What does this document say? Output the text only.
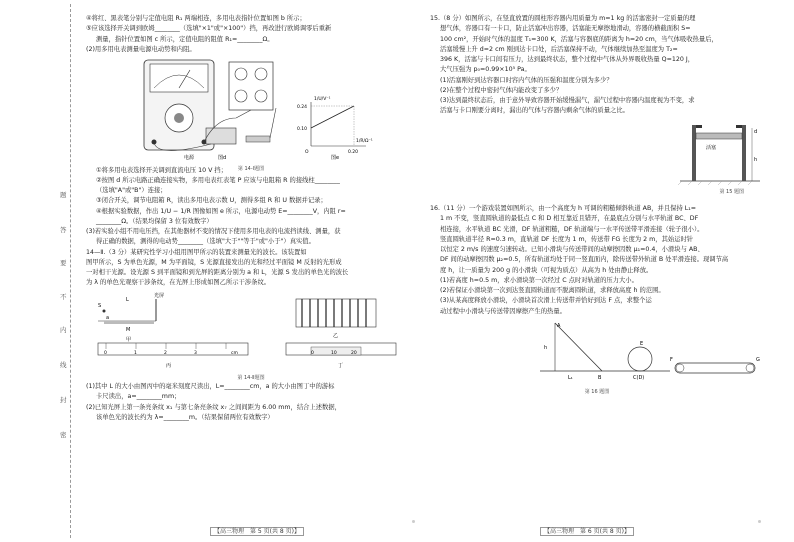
题
答
要
不
内
线
封
密

④将红、黑表笔分别与定值电阻 R₁ 两端相连，多用电表指针位置如图 b 所示；

⑤应该选择开关调到欧姆________（选填"×1"或"×100"）挡，再改进行欧姆调零后重新

测量，指针位置如图 c 所示，定值电阻的阻值 R₁=________Ω。

(2)用多用电表测量电源电动势和内阻。

电源	图d
0.24
0.10
O	0.20
1/U/V⁻¹
1/R/Ω⁻¹
图e
第 14-Ⅰ题图

①将多用电表选择开关调到直流电压 10 V 挡；

②按图 d 所示电路正确连接实物，多用电表红表笔 P 应该与电阻箱 R 的接线柱________

（选填"A"或"B"）连接；

③闭合开关，调节电阻箱 R，读出多用电表示数 U，测得多组 R 和 U 数据并记录；

④根据实验数据，作出 1/U − 1/R 图像如图 e 所示，电源电动势 E=________V，内阻 r=

________Ω。（结果均保留 3 位有效数字）

(3)若实验小组不用电压挡，在其他器材不变的情况下使用多用电表的电流挡读线、测量，获

得正确的数据，测得的电动势________（选填"大于""等于"或"小于"）真实值。

14—Ⅱ.（3 分）某研究性学习小组用图甲所示的装置来测量光的波长。该装置如

图甲所示，S 为单色光源，M 为平面镜，S 光源直接发出的光和经过平面镜 M 反射的光形成

一对相干光源。设光源 S 到平面镜和到光屏的距离分别为 a 和 L，光源 S 发出的单色光的波长

为 λ 的单色光观察干涉条纹，在光屏上形成如图乙所示干涉条纹。

S
M
L
a
光屏
甲
乙
0	1	2	3	cm
丙
0	10	20
丁
第 14-Ⅱ题图

(1)其中 L 的大小由图丙中的毫米刻度尺读出，L=________cm，a 的大小由图丁中的游标

卡尺读出，a=________mm；

(2)已知光屏上第一条亮条纹 x₁ 与第七条亮条纹 x₇ 之间间距为 6.00 mm，结合上述数据，

该单色光的波长约为 λ=________m。（结果保留两位有效数字）

【高三物理　第 5 页(共 8 页)】

15.（8 分）如图所示，在竖直放置的圆柱形容器内用质量为 m=1 kg 的活塞密封一定质量的理

想气体，容器口有一卡口，防止活塞冲出容器，活塞能无摩擦地滑动，容器的横截面积 S=

100 cm²，开始时气体的温度 T₁=300 K，活塞与容器底的距离为 h=20 cm，当气体吸收热量后，

活塞缓慢上升 d=2 cm 刚到达卡口处，后活塞保持不动，气体继续加热至温度为 T₂=

396 K，活塞与卡口间有压力，达到最终状态，整个过程中气体从外界吸收热量 Q=120 J，

大气压强为 p₀=0.99×10⁵ Pa。

(1)活塞刚好到达容器口时容内气体的压强和温度分别为多少？

(2)在整个过程中密封气体内能改变了多少？

(3)达到最终状态后，由于意外导致容器开始缓慢漏气，漏气过程中容器内温度视为不变，求

活塞与卡口刚要分离时，漏出的气体与容器内剩余气体的质量之比。

d
h
活塞
第 15 题图

16.（11 分）一个游戏装置如图所示，由一个高度为 h 可调的粗糙倾斜轨道 AB，并且保持 L₁=

1 m 不变，竖直圆轨道的最低点 C 和 D 相互靠近且错开，在最底点分别与水平轨道 BC、DF

相连接，水平轨道 BC 光滑，DF 轨道粗糙，DF 轨道端与一水平传送带平滑连接（轮子很小）。

竖直圆轨道半径 R=0.3 m，直轨道 DF 长度为 1 m，传送带 FG 长度为 2 m，其始运时针

以恒定 2 m/s 的速度匀速转动。已知小滑块与传送带间的动摩擦因数 μ₁=0.4，小滑块与 AB、

DF 间的动摩擦因数 μ₂=0.5，所有轨道均处于同一竖直面内，除传送带外轨道 B 处平滑连接。现调节高

度 h，让一质量为 200 g 的小滑块（可视为质点）从高为 h 处由静止释放。

(1)若高度 h=0.5 m，求小滑块第一次经过 C 点时对轨道的压力大小。

(2)若保证小滑块第一次到达竖直圆轨道而不脱离圆轨道，求释放高度 h 的范围。

(3)从某高度释放小滑块，小滑块首次滑上传送带并恰好到达 F 点，求整个运

动过程中小滑块与传送带因摩擦产生的热量。

A
h
L₁	B	C(D)
E
F	G
第 16 题图
【高三物理　第 6 页(共 8 页)】
